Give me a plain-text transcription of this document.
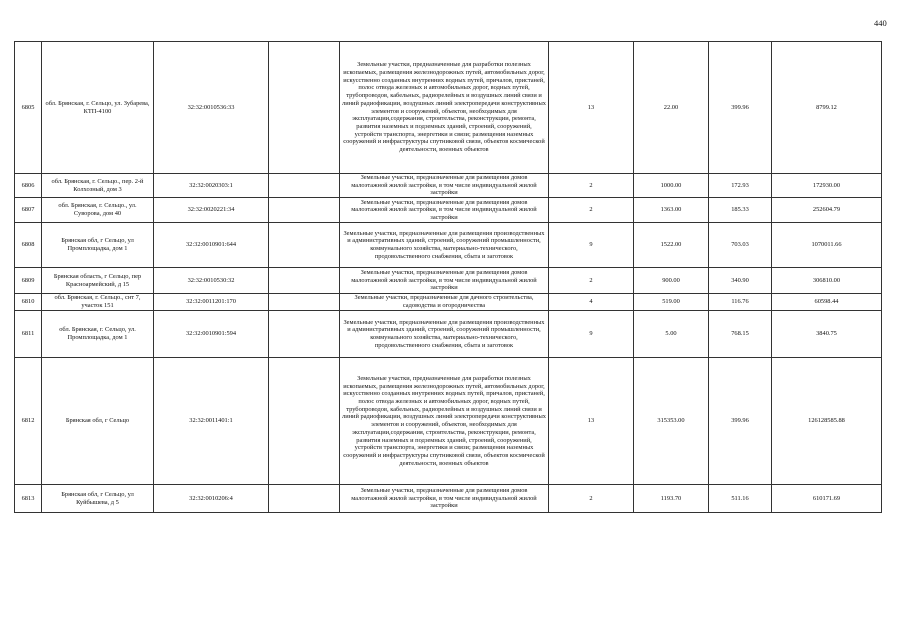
440
6805	обл. Брянская, г. Сельцо, ул. Зубарева, КТП-4100	32:32:0010536:33		Земельные участки, предназначенные для разработки полезных ископаемых, размещения железнодорожных путей, автомобильных дорог, искусственно созданных внутренних водных путей, причалов, пристаней, полос отвода железных и автомобильных дорог, водных путей, трубопроводов, кабельных, радиорелейных и воздушных линий связи и линий радиофикации, воздушных линий электропередачи конструктивных элементов и сооружений, объектов, необходимых для эксплуатации,содержания, строительства, реконструкции, ремонта, развития наземных и подземных зданий, строений, сооружений, устройств транспорта, энергетики и связи; размещения наземных сооружений и инфраструктуры спутниковой связи, объектов космической деятельности, военных объектов	13	22.00	399.96	8799.12
6806	обл. Брянская, г. Сельцо., пер. 2-й Колхозный, дом 3	32:32:0020303:1		Земельные участки, предназначенные для размещения домов малоэтажной жилой застройки, в том числе индивидуальной жилой застройки	2	1000.00	172.93	172930.00
6807	обл. Брянская, г. Сельцо., ул. Суворова, дом 40	32:32:0020221:34		Земельные участки, предназначенные для размещения домов малоэтажной жилой застройки, в том числе индивидуальной жилой застройки	2	1363.00	185.33	252604.79
6808	Брянская обл, г Сельцо, ул Промплощадка, дом 1	32:32:0010901:644		Земельные участки, предназначенные для размещения производственных и административных зданий, строений, сооружений промышленности, коммунального хозяйства, материально-технического, продовольственного снабжения, сбыта и заготовок	9	1522.00	703.03	1070011.66
6809	Брянская область, г Сельцо, пер Красноармейский, д 15	32:32:0010530:32		Земельные участки, предназначенные для размещения домов малоэтажной жилой застройки, в том числе индивидуальной жилой застройки	2	900.00	340.90	306810.00
6810	обл. Брянская, г. Сельцо., снт 7, участок 151	32:32:0011201:170		Земельные участки, предназначенные для дачного строительства, садоводства и огородничества	4	519.00	116.76	60598.44
6811	обл. Брянская, г. Сельцо, ул. Промплощадка, дом 1	32:32:0010901:594		Земельные участки, предназначенные для размещения производственных и административных зданий, строений, сооружений промышленности, коммунального хозяйства, материально-технического, продовольственного снабжения, сбыта и заготовок	9	5.00	768.15	3840.75
6812	Брянская обл, г Сельцо	32:32:0011401:1		Земельные участки, предназначенные для разработки полезных ископаемых, размещения железнодорожных путей, автомобильных дорог, искусственно созданных внутренних водных путей, причалов, пристаней, полос отвода железных и автомобильных дорог, водных путей, трубопроводов, кабельных, радиорелейных и воздушных линий связи и линий радиофикации, воздушных линий электропередачи конструктивных элементов и сооружений, объектов, необходимых для эксплуатации,содержания, строительства, реконструкции, ремонта, развития наземных и подземных зданий, строений, сооружений, устройств транспорта, энергетики и связи; размещения наземных сооружений и инфраструктуры спутниковой связи, объектов космической деятельности, военных объектов	13	315353.00	399.96	126128585.88
6813	Брянская обл, г Сельцо, ул Куйбышева, д 5	32:32:0010206:4		Земельные участки, предназначенные для размещения домов малоэтажной жилой застройки, в том числе индивидуальной жилой застройки	2	1193.70	511.16	610171.69
